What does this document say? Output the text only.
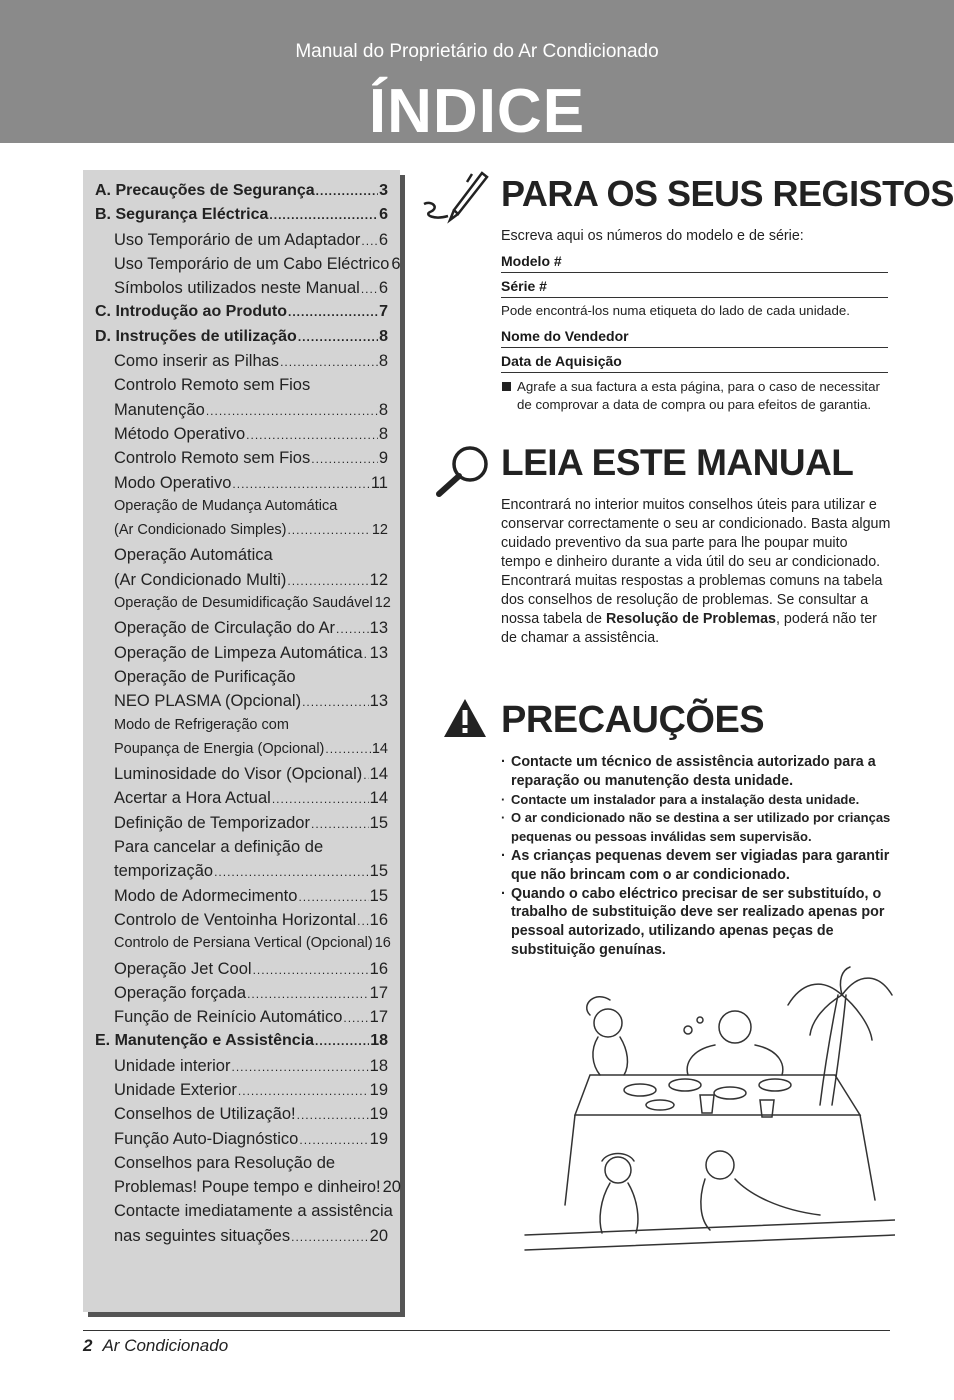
Manual do Proprietário do Ar Condicionado
ÍNDICE
A. Precauções de Segurança .....	3
B. Segurança Eléctrica .....	6
Uso Temporário de um Adaptador ..... 6
Uso Temporário de um Cabo Eléctrico 6
Símbolos utilizados neste Manual ..... 6
C. Introdução ao Produto .....	7
D. Instruções de utilização .....	8
Como inserir as Pilhas .....	8
Controlo Remoto sem Fios
Manutenção .....	8
Método Operativo .....	8
Controlo Remoto sem Fios .....	9
Modo Operativo .....	11
Operação de Mudança Automática
(Ar Condicionado Simples) .....	12
Operação Automática
(Ar Condicionado Multi) .....	12
Operação de Desumidificação Saudável 12
Operação de Circulação do Ar ..... 13
Operação de Limpeza Automática ..... 13
Operação de Purificação
NEO PLASMA (Opcional) .....	13
Modo de Refrigeração com
Poupança de Energia (Opcional) .....	14
Luminosidade do Visor (Opcional) ..... 14
Acertar a Hora Actual .....	14
Definição de Temporizador .....	15
Para cancelar a definição de
temporização .....	15
Modo de Adormecimento .....	15
Controlo de Ventoinha Horizontal ..... 16
Controlo de Persiana Vertical (Opcional) 16
Operação Jet Cool .....	16
Operação forçada .....	17
Função de Reinício Automático ..... 17
E. Manutenção e Assistência .....	18
Unidade interior .....	18
Unidade Exterior .....	19
Conselhos de Utilização! .....	19
Função Auto-Diagnóstico .....	19
Conselhos para Resolução de
Problemas! Poupe tempo e dinheiro! 20
Contacte imediatamente a assistência
nas seguintes situações .....	20
PARA OS SEUS REGISTOS
Escreva aqui os números do modelo e de série:
Modelo #
Série #
Pode encontrá-los numa etiqueta do lado de cada unidade.
Nome do Vendedor
Data de Aquisição
Agrafe a sua factura a esta página, para o caso de necessitar de comprovar a data de compra ou para efeitos de garantia.
LEIA ESTE MANUAL
Encontrará no interior muitos conselhos úteis para utilizar e conservar correctamente o seu ar condicionado. Basta algum cuidado preventivo da sua parte para lhe poupar muito tempo e dinheiro durante a vida útil do seu ar condicionado. Encontrará muitas respostas a problemas comuns na tabela dos conselhos de resolução de problemas. Se consultar a nossa tabela de Resolução de Problemas, poderá não ter de chamar a assistência.
PRECAUÇÕES
· Contacte um técnico de assistência autorizado para a reparação ou manutenção desta unidade.
· Contacte um instalador para a instalação desta unidade.
· O ar condicionado não se destina a ser utilizado por crianças pequenas ou pessoas inválidas sem supervisão.
· As crianças pequenas devem ser vigiadas para garantir que não brincam com o ar condicionado.
· Quando o cabo eléctrico precisar de ser substituído, o trabalho de substituição deve ser realizado apenas por pessoal autorizado, utilizando apenas peças de substituição genuínas.
2 Ar Condicionado
